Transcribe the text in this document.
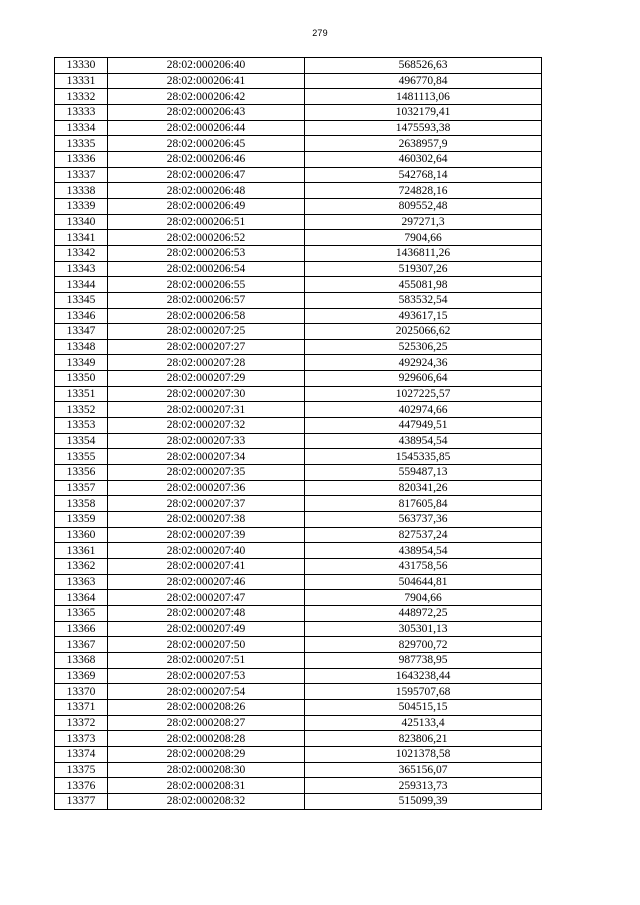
279
13330	28:02:000206:40	568526,63
13331	28:02:000206:41	496770,84
13332	28:02:000206:42	1481113,06
13333	28:02:000206:43	1032179,41
13334	28:02:000206:44	1475593,38
13335	28:02:000206:45	2638957,9
13336	28:02:000206:46	460302,64
13337	28:02:000206:47	542768,14
13338	28:02:000206:48	724828,16
13339	28:02:000206:49	809552,48
13340	28:02:000206:51	297271,3
13341	28:02:000206:52	7904,66
13342	28:02:000206:53	1436811,26
13343	28:02:000206:54	519307,26
13344	28:02:000206:55	455081,98
13345	28:02:000206:57	583532,54
13346	28:02:000206:58	493617,15
13347	28:02:000207:25	2025066,62
13348	28:02:000207:27	525306,25
13349	28:02:000207:28	492924,36
13350	28:02:000207:29	929606,64
13351	28:02:000207:30	1027225,57
13352	28:02:000207:31	402974,66
13353	28:02:000207:32	447949,51
13354	28:02:000207:33	438954,54
13355	28:02:000207:34	1545335,85
13356	28:02:000207:35	559487,13
13357	28:02:000207:36	820341,26
13358	28:02:000207:37	817605,84
13359	28:02:000207:38	563737,36
13360	28:02:000207:39	827537,24
13361	28:02:000207:40	438954,54
13362	28:02:000207:41	431758,56
13363	28:02:000207:46	504644,81
13364	28:02:000207:47	7904,66
13365	28:02:000207:48	448972,25
13366	28:02:000207:49	305301,13
13367	28:02:000207:50	829700,72
13368	28:02:000207:51	987738,95
13369	28:02:000207:53	1643238,44
13370	28:02:000207:54	1595707,68
13371	28:02:000208:26	504515,15
13372	28:02:000208:27	425133,4
13373	28:02:000208:28	823806,21
13374	28:02:000208:29	1021378,58
13375	28:02:000208:30	365156,07
13376	28:02:000208:31	259313,73
13377	28:02:000208:32	515099,39
